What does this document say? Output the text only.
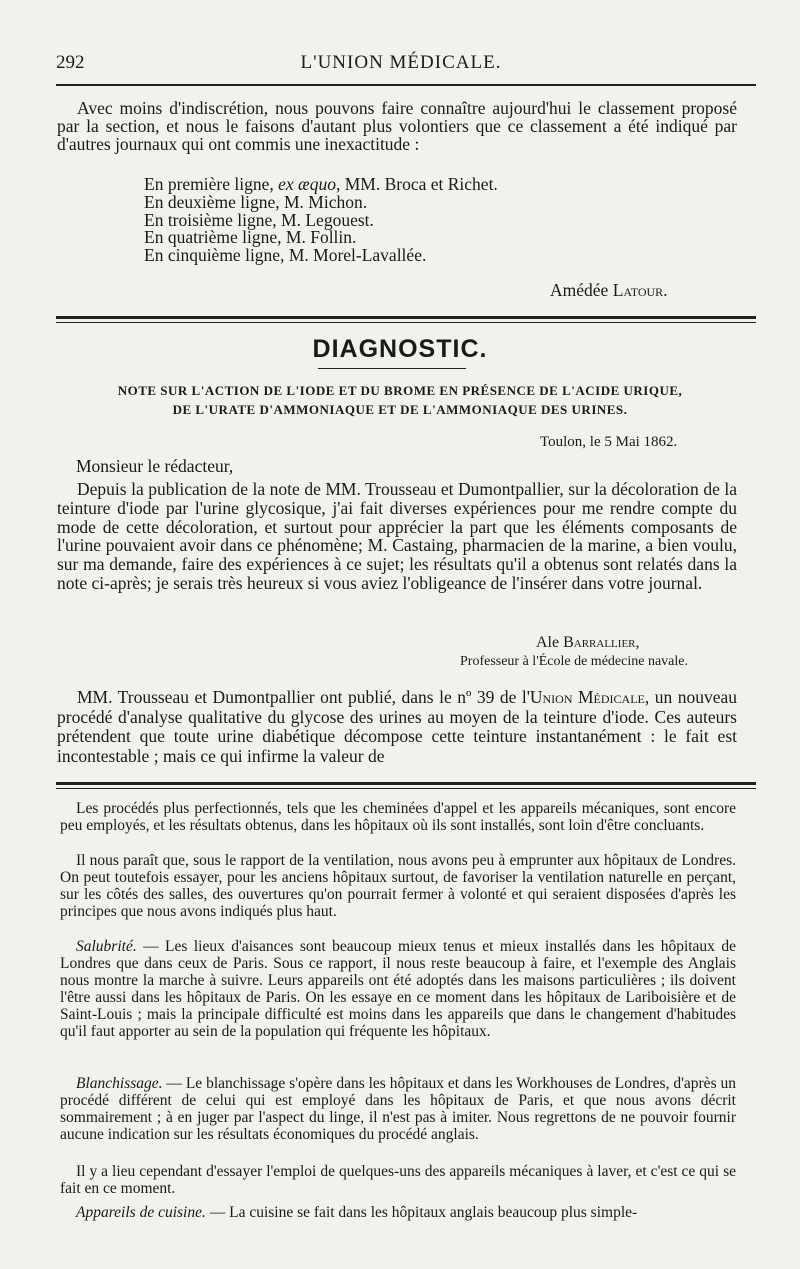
292	L'UNION MÉDICALE.
Avec moins d'indiscrétion, nous pouvons faire connaître aujourd'hui le classement proposé par la section, et nous le faisons d'autant plus volontiers que ce classement a été indiqué par d'autres journaux qui ont commis une inexactitude :
En première ligne, ex æquo, MM. Broca et Richet.
En deuxième ligne, M. Michon.
En troisième ligne, M. Legouest.
En quatrième ligne, M. Follin.
En cinquième ligne, M. Morel-Lavallée.
Amédée Latour.
DIAGNOSTIC.
NOTE SUR L'ACTION DE L'IODE ET DU BROME EN PRÉSENCE DE L'ACIDE URIQUE,
DE L'URATE D'AMMONIAQUE ET DE L'AMMONIAQUE DES URINES.
Toulon, le 5 Mai 1862.
Monsieur le rédacteur,
Depuis la publication de la note de MM. Trousseau et Dumontpallier, sur la décoloration de la teinture d'iode par l'urine glycosique, j'ai fait diverses expériences pour me rendre compte du mode de cette décoloration, et surtout pour apprécier la part que les éléments composants de l'urine pouvaient avoir dans ce phénomène; M. Castaing, pharmacien de la marine, a bien voulu, sur ma demande, faire des expériences à ce sujet; les résultats qu'il a obtenus sont relatés dans la note ci-après; je serais très heureux si vous aviez l'obligeance de l'insérer dans votre journal.
Ale Barrallier,
Professeur à l'École de médecine navale.
MM. Trousseau et Dumontpallier ont publié, dans le nº 39 de l'Union Médicale, un nouveau procédé d'analyse qualitative du glycose des urines au moyen de la teinture d'iode. Ces auteurs prétendent que toute urine diabétique décompose cette teinture instantanément : le fait est incontestable ; mais ce qui infirme la valeur de
Les procédés plus perfectionnés, tels que les cheminées d'appel et les appareils mécaniques, sont encore peu employés, et les résultats obtenus, dans les hôpitaux où ils sont installés, sont loin d'être concluants.
Il nous paraît que, sous le rapport de la ventilation, nous avons peu à emprunter aux hôpitaux de Londres. On peut toutefois essayer, pour les anciens hôpitaux surtout, de favoriser la ventilation naturelle en perçant, sur les côtés des salles, des ouvertures qu'on pourrait fermer à volonté et qui seraient disposées d'après les principes que nous avons indiqués plus haut.
Salubrité. — Les lieux d'aisances sont beaucoup mieux tenus et mieux installés dans les hôpitaux de Londres que dans ceux de Paris. Sous ce rapport, il nous reste beaucoup à faire, et l'exemple des Anglais nous montre la marche à suivre. Leurs appareils ont été adoptés dans les maisons particulières ; ils doivent l'être aussi dans les hôpitaux de Paris. On les essaye en ce moment dans les hôpitaux de Lariboisière et de Saint-Louis ; mais la principale difficulté est moins dans les appareils que dans le changement d'habitudes qu'il faut apporter au sein de la population qui fréquente les hôpitaux.
Blanchissage. — Le blanchissage s'opère dans les hôpitaux et dans les Workhouses de Londres, d'après un procédé différent de celui qui est employé dans les hôpitaux de Paris, et que nous avons décrit sommairement ; à en juger par l'aspect du linge, il n'est pas à imiter. Nous regrettons de ne pouvoir fournir aucune indication sur les résultats économiques du procédé anglais.
Il y a lieu cependant d'essayer l'emploi de quelques-uns des appareils mécaniques à laver, et c'est ce qui se fait en ce moment.
Appareils de cuisine. — La cuisine se fait dans les hôpitaux anglais beaucoup plus simple-
